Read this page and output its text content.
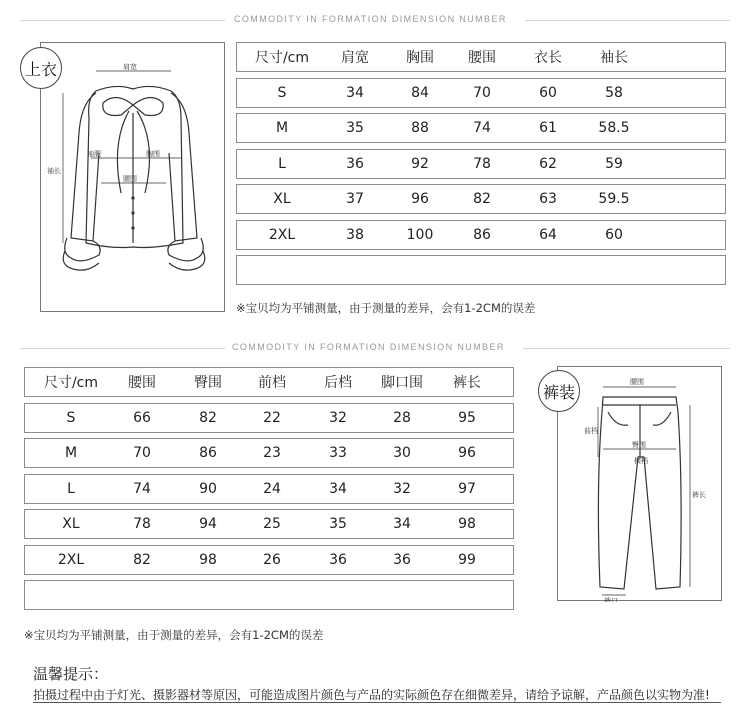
COMMODITY IN FORMATION DIMENSION NUMBER
肩宽
袖长
胸围
腰围
袖肥
上衣
尺寸/cm	肩宽	胸围	腰围	衣长	袖长
S	34	84	70	60	58
M	35	88	74	61	58.5
L	36	92	78	62	59
XL	37	96	82	63	59.5
2XL	38	100	86	64	60
※宝贝均为平铺测量，由于测量的差异，会有1-2CM的误差
COMMODITY IN FORMATION DIMENSION NUMBER
尺寸/cm	腰围	臀围	前档	后档	脚口围	裤长
S	66	82	22	32	28	95
M	70	86	23	33	30	96
L	74	90	24	34	32	97
XL	78	94	25	35	34	98
2XL	82	98	26	36	36	99
※宝贝均为平铺测量，由于测量的差异，会有1-2CM的误差
腰围
前档
臀围
横档
裤长
裤口
裤装
温馨提示：
拍摄过程中由于灯光、摄影器材等原因，可能造成图片颜色与产品的实际颜色存在细微差异，请给予谅解，产品颜色以实物为准!
